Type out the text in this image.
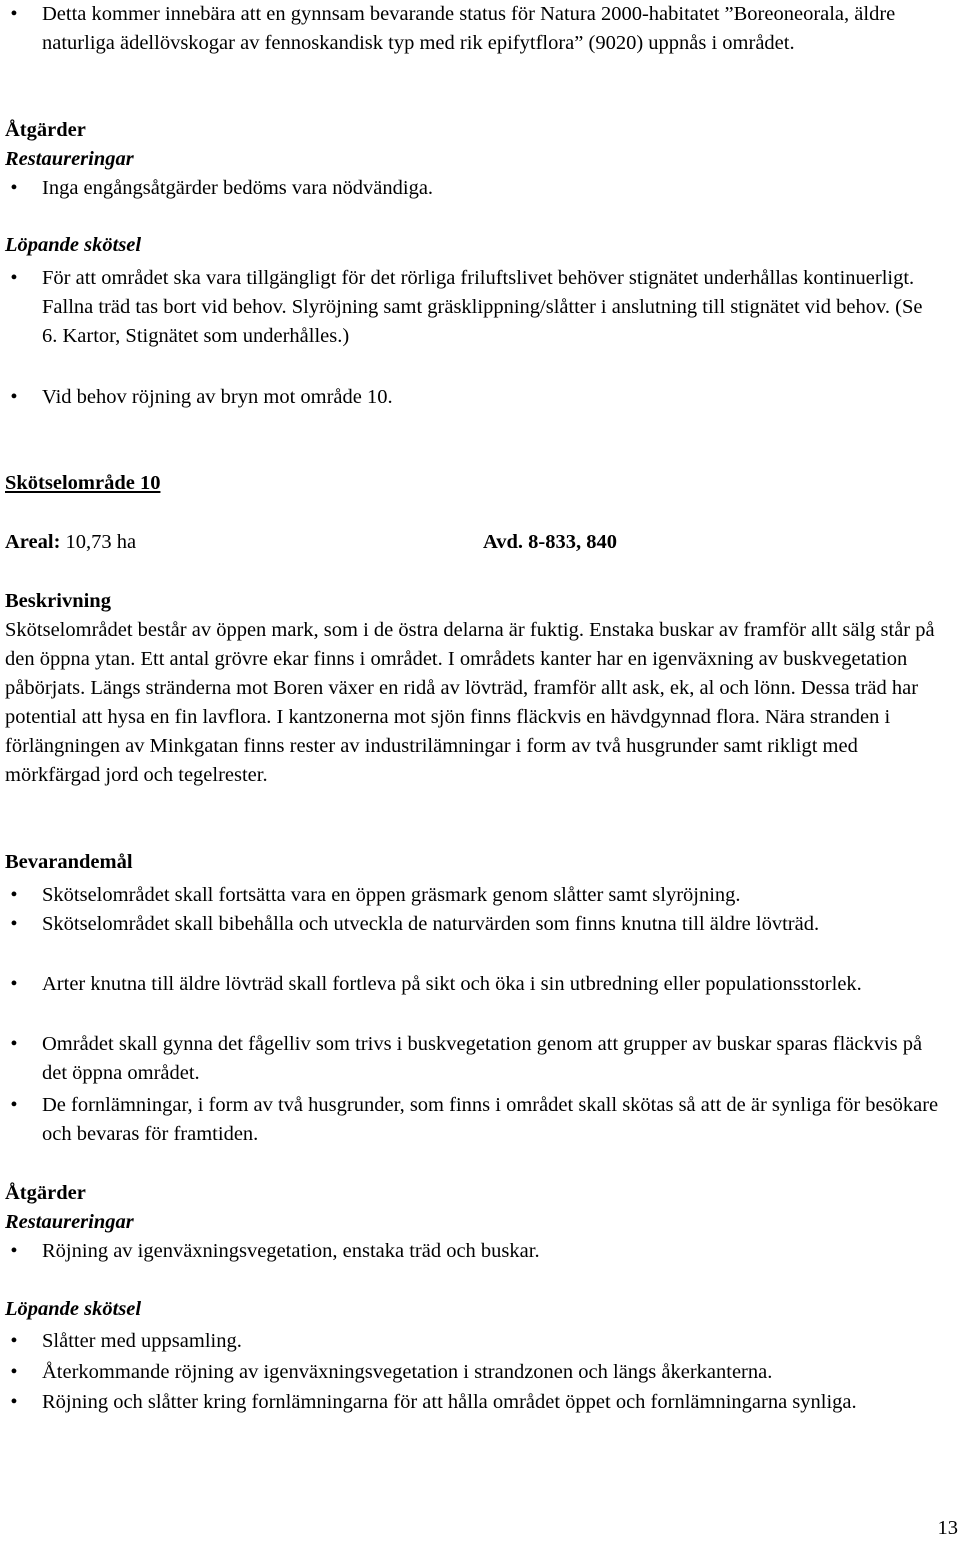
• Detta kommer innebära att en gynnsam bevarande status för Natura 2000-habitatet ”Boreoneorala, äldre naturliga ädellövskogar av fennoskandisk typ med rik epifytflora” (9020) uppnås i området.
Åtgärder
Restaureringar
• Inga engångsåtgärder bedöms vara nödvändiga.
Löpande skötsel
• För att området ska vara tillgängligt för det rörliga friluftslivet behöver stignätet underhållas kontinuerligt. Fallna träd tas bort vid behov. Slyröjning samt gräsklippning/slåtter i anslutning till stignätet vid behov. (Se 6. Kartor, Stignätet som underhålles.)
• Vid behov röjning av bryn mot område 10.
Skötselområde 10
Areal: 10,73 ha	Avd. 8-833, 840
Beskrivning
Skötselområdet består av öppen mark, som i de östra delarna är fuktig. Enstaka buskar av framför allt sälg står på den öppna ytan. Ett antal grövre ekar finns i området. I områdets kanter har en igenväxning av buskvegetation påbörjats. Längs stränderna mot Boren växer en ridå av lövträd, framför allt ask, ek, al och lönn. Dessa träd har potential att hysa en fin lavflora. I kantzonerna mot sjön finns fläckvis en hävdgynnad flora. Nära stranden i förlängningen av Minkgatan finns rester av industrilämningar i form av två husgrunder samt rikligt med mörkfärgad jord och tegelrester.
Bevarandemål
• Skötselområdet skall fortsätta vara en öppen gräsmark genom slåtter samt slyröjning.
• Skötselområdet skall bibehålla och utveckla de naturvärden som finns knutna till äldre lövträd.
• Arter knutna till äldre lövträd skall fortleva på sikt och öka i sin utbredning eller populationsstorlek.
• Området skall gynna det fågelliv som trivs i buskvegetation genom att grupper av buskar sparas fläckvis på det öppna området.
• De fornlämningar, i form av två husgrunder, som finns i området skall skötas så att de är synliga för besökare och bevaras för framtiden.
Åtgärder
Restaureringar
• Röjning av igenväxningsvegetation, enstaka träd och buskar.
Löpande skötsel
• Slåtter med uppsamling.
• Återkommande röjning av igenväxningsvegetation i strandzonen och längs åkerkanterna.
• Röjning och slåtter kring fornlämningarna för att hålla området öppet och fornlämningarna synliga.
13
